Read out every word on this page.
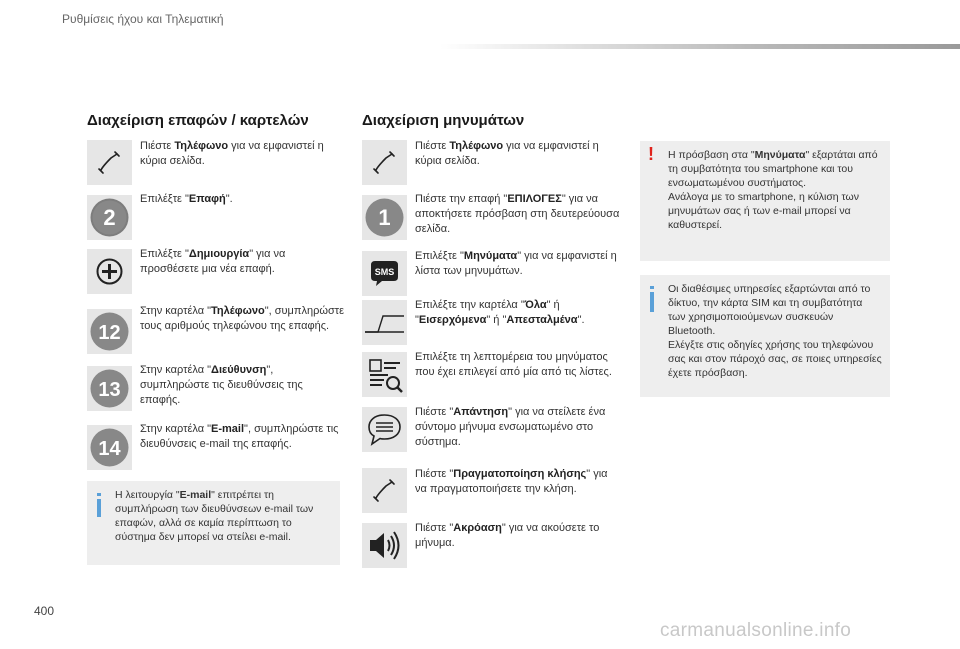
Ρυθμίσεις ήχου και Τηλεματική
Διαχείριση επαφών / καρτελών	Διαχείριση μηνυμάτων
Πιέστε Τηλέφωνο για να εμφανιστεί η κύρια σελίδα.
2
Επιλέξτε "Επαφή".
Επιλέξτε "Δημιουργία" για να προσθέσετε μια νέα επαφή.
12
Στην καρτέλα "Τηλέφωνο", συμπληρώστε τους αριθμούς τηλεφώνου της επαφής.
13
Στην καρτέλα "Διεύθυνση", συμπληρώστε τις διευθύνσεις της επαφής.
14
Στην καρτέλα "E-mail", συμπληρώστε τις διευθύνσεις e-mail της επαφής.
Η λειτουργία "E-mail" επιτρέπει τη συμπλήρωση των διευθύνσεων e-mail των επαφών, αλλά σε καμία περίπτωση το σύστημα δεν μπορεί να στείλει e-mail.
Πιέστε Τηλέφωνο για να εμφανιστεί η κύρια σελίδα.
1
Πιέστε την επαφή "ΕΠΙΛΟΓΕΣ" για να αποκτήσετε πρόσβαση στη δευτερεύουσα σελίδα.
SMS
Επιλέξτε "Μηνύματα" για να εμφανιστεί η λίστα των μηνυμάτων.
Επιλέξτε την καρτέλα "Όλα" ή "Εισερχόμενα" ή "Απεσταλμένα".
Επιλέξτε τη λεπτομέρεια του μηνύματος που έχει επιλεγεί από μία από τις λίστες.
Πιέστε "Απάντηση" για να στείλετε ένα σύντομο μήνυμα ενσωματωμένο στο σύστημα.
Πιέστε "Πραγματοποίηση κλήσης" για να πραγματοποιήσετε την κλήση.
Πιέστε "Ακρόαση" για να ακούσετε το μήνυμα.
! Η πρόσβαση στα "Μηνύματα" εξαρτάται από τη συμβατότητα του smartphone και του ενσωματωμένου συστήματος.
Ανάλογα με το smartphone, η κύλιση των μηνυμάτων σας ή των e-mail μπορεί να καθυστερεί.
Οι διαθέσιμες υπηρεσίες εξαρτώνται από το δίκτυο, την κάρτα SIM και τη συμβατότητα των χρησιμοποιούμενων συσκευών Bluetooth.
Ελέγξτε στις οδηγίες χρήσης του τηλεφώνου σας και στον πάροχό σας, σε ποιες υπηρεσίες έχετε πρόσβαση.
400
carmanualsonline.info
